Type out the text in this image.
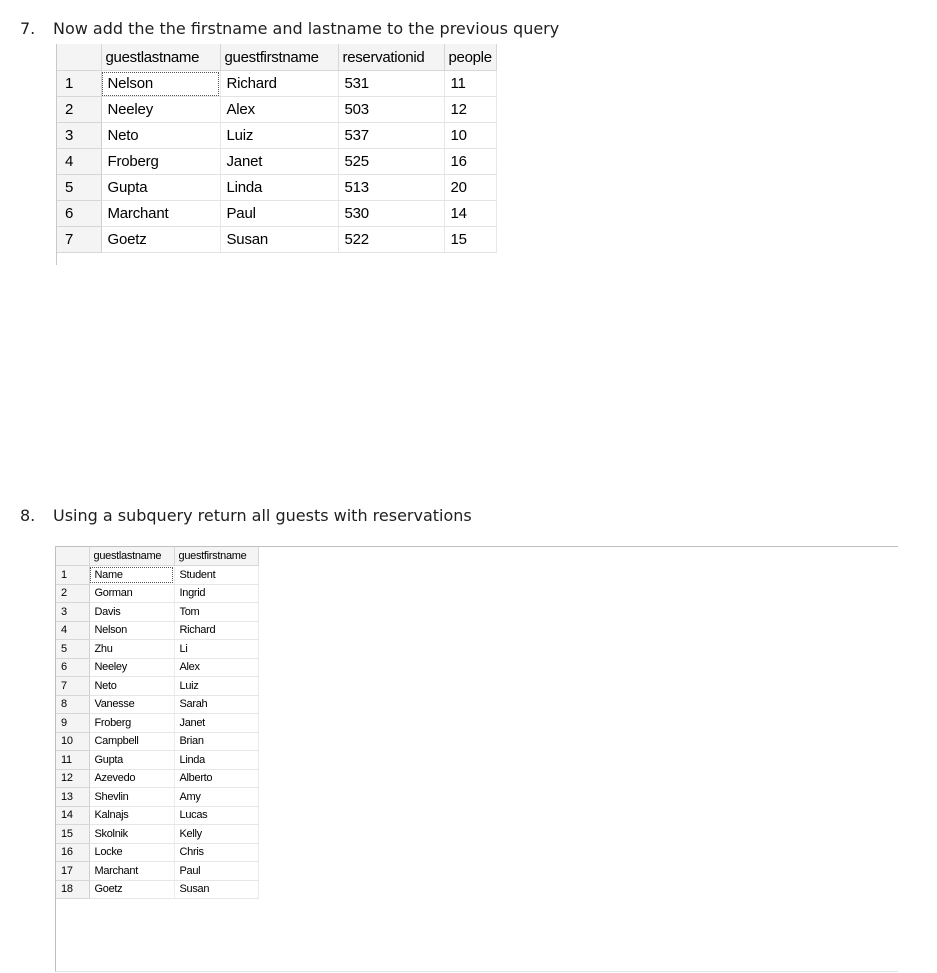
7. Now add the the firstname and lastname to the previous query
	guestlastname	guestfirstname	reservationid	people
1	Nelson	Richard	531	11
2	Neeley	Alex	503	12
3	Neto	Luiz	537	10
4	Froberg	Janet	525	16
5	Gupta	Linda	513	20
6	Marchant	Paul	530	14
7	Goetz	Susan	522	15
8. Using a subquery return all guests with reservations
	guestlastname	guestfirstname
1	Name	Student
2	Gorman	Ingrid
3	Davis	Tom
4	Nelson	Richard
5	Zhu	Li
6	Neeley	Alex
7	Neto	Luiz
8	Vanesse	Sarah
9	Froberg	Janet
10	Campbell	Brian
11	Gupta	Linda
12	Azevedo	Alberto
13	Shevlin	Amy
14	Kalnajs	Lucas
15	Skolnik	Kelly
16	Locke	Chris
17	Marchant	Paul
18	Goetz	Susan
